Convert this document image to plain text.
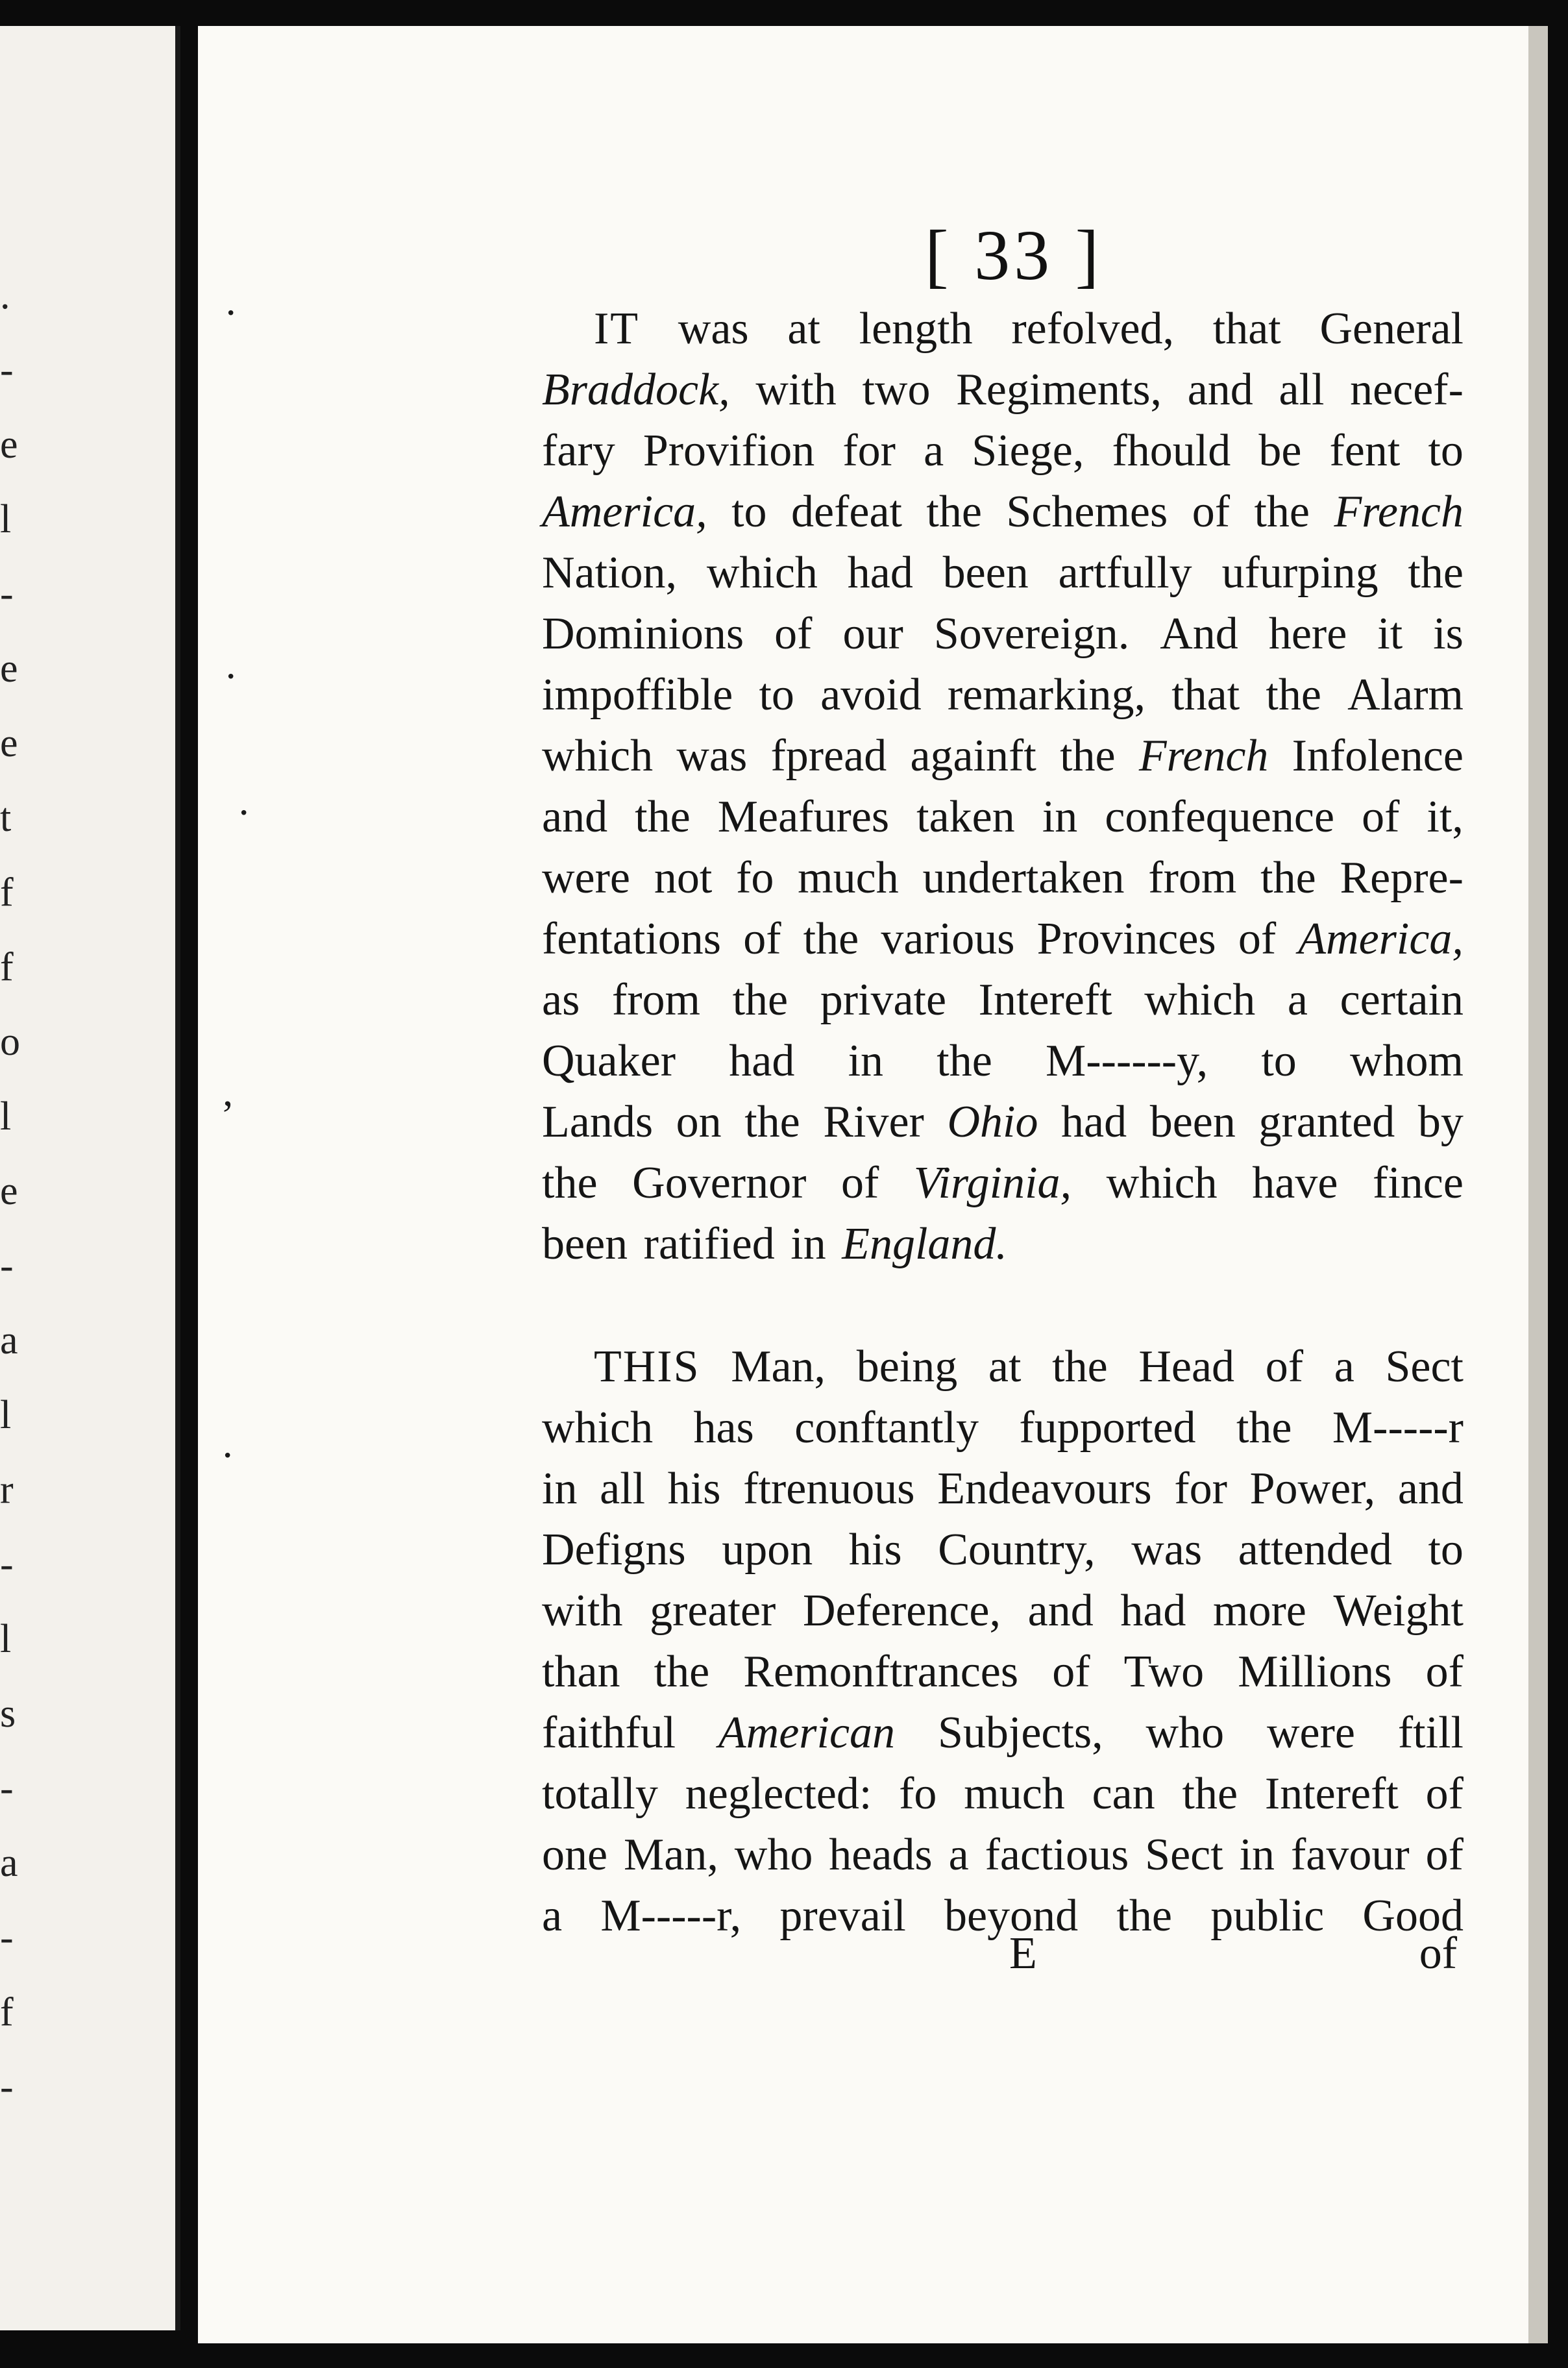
.
-
e
l
-
e
e
t
f
f
o
l
e
-
a
l
r
-
l
s
-
a
-
f
-
·
·
·
‚
·
[ 33 ]
IT was at length refolved, that General
Braddock, with two Regiments, and all necef-
fary Provifion for a Siege, fhould be fent to
America, to defeat the Schemes of the French
Nation, which had been artfully ufurping the
Dominions of our Sovereign. And here it is
impoffible to avoid remarking, that the Alarm
which was fpread againft the French Infolence
and the Meafures taken in confequence of it,
were not fo much undertaken from the Repre-
fentations of the various Provinces of America,
as from the private Intereft which a certain
Quaker had in the M------y, to whom
Lands on the River Ohio had been granted by
the Governor of Virginia, which have fince
been ratified in England.
THIS Man, being at the Head of a Sect
which has conftantly fupported the M-----r
in all his ftrenuous Endeavours for Power, and
Defigns upon his Country, was attended to
with greater Deference, and had more Weight
than the Remonftrances of Two Millions of
faithful American Subjects, who were ftill
totally neglected: fo much can the Intereft of
one Man, who heads a factious Sect in favour of
a M-----r, prevail beyond the public Good
E	of
